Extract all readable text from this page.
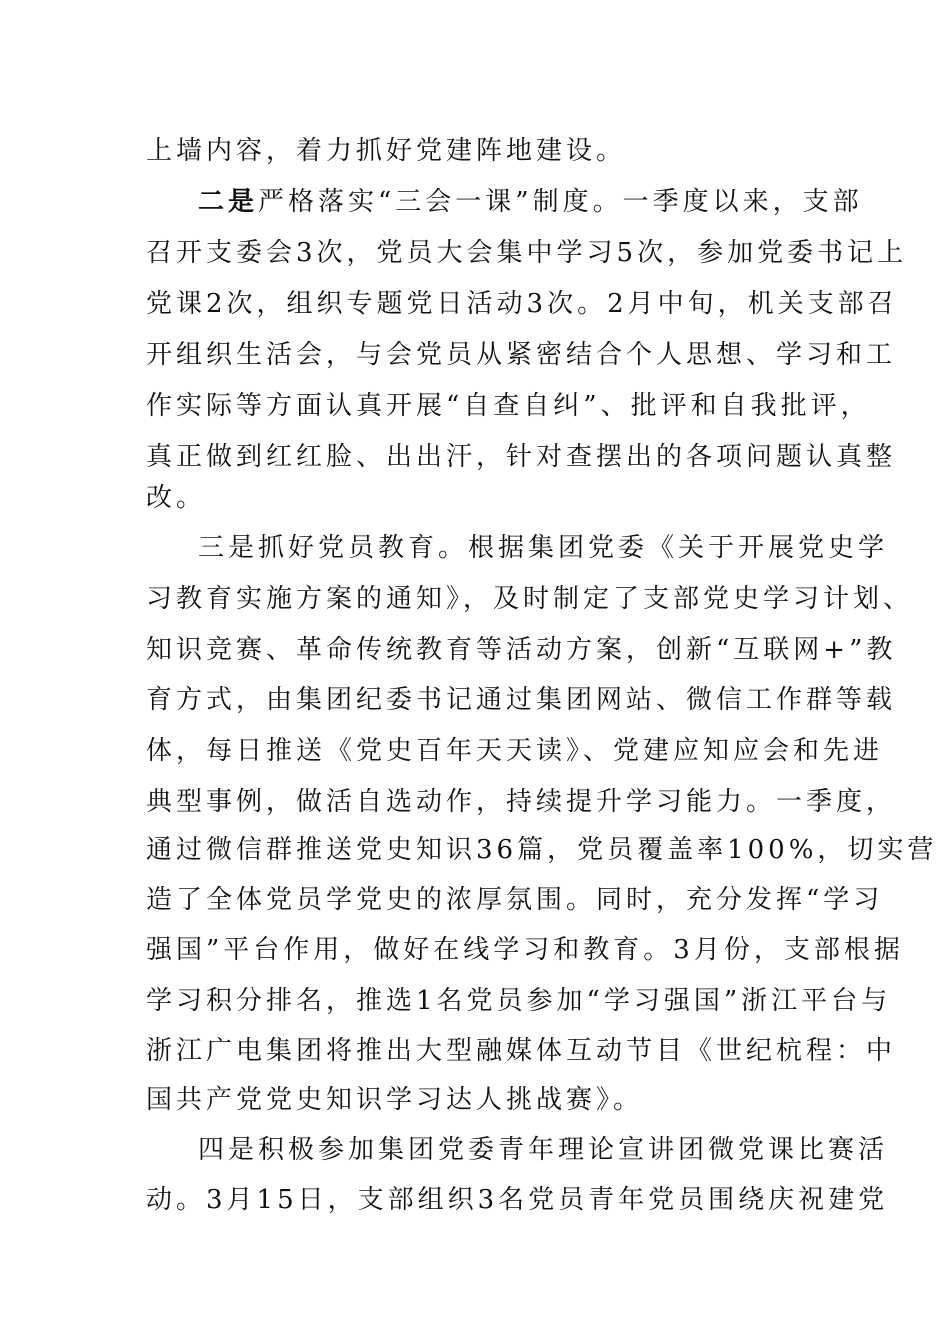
上墙内容，着力抓好党建阵地建设。
二是严格落实“三会一课”制度。一季度以来，支部
召开支委会3次，党员大会集中学习5次，参加党委书记上
党课2次，组织专题党日活动3次。2月中旬，机关支部召
开组织生活会，与会党员从紧密结合个人思想、学习和工
作实际等方面认真开展“自查自纠”、批评和自我批评，
真正做到红红脸、出出汗，针对查摆出的各项问题认真整
改。
三是抓好党员教育。根据集团党委《关于开展党史学
习教育实施方案的通知》，及时制定了支部党史学习计划、
知识竞赛、革命传统教育等活动方案，创新“互联网+”教
育方式，由集团纪委书记通过集团网站、微信工作群等载
体，每日推送《党史百年天天读》、党建应知应会和先进
典型事例，做活自选动作，持续提升学习能力。一季度，
通过微信群推送党史知识36篇，党员覆盖率100%，切实营
造了全体党员学党史的浓厚氛围。同时，充分发挥“学习
强国”平台作用，做好在线学习和教育。3月份，支部根据
学习积分排名，推选1名党员参加“学习强国”浙江平台与
浙江广电集团将推出大型融媒体互动节目《世纪杭程：中
国共产党党史知识学习达人挑战赛》。
四是积极参加集团党委青年理论宣讲团微党课比赛活
动。3月15日，支部组织3名党员青年党员围绕庆祝建党
